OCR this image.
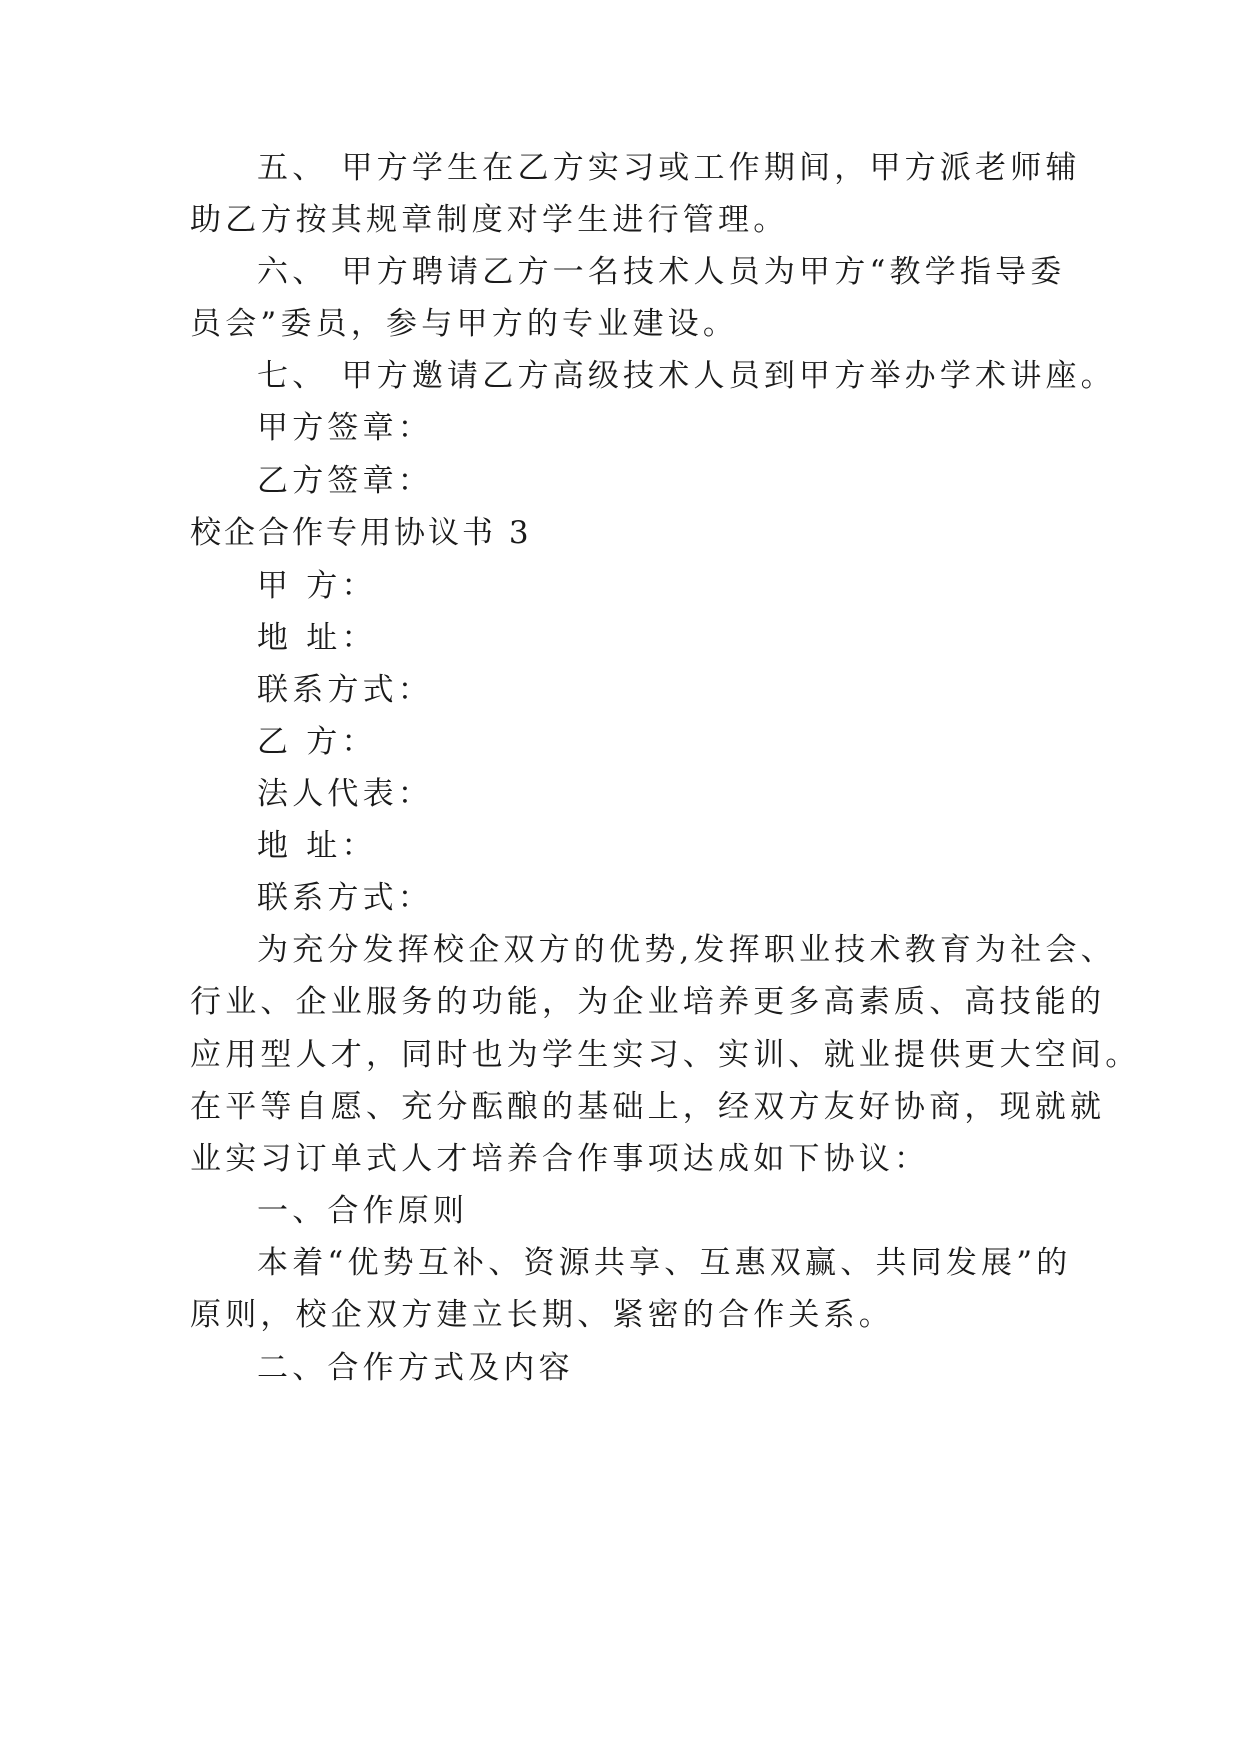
五、 甲方学生在乙方实习或工作期间，甲方派老师辅
助乙方按其规章制度对学生进行管理。
六、 甲方聘请乙方一名技术人员为甲方“教学指导委
员会”委员，参与甲方的专业建设。
七、 甲方邀请乙方高级技术人员到甲方举办学术讲座。
甲方签章：
乙方签章：
校企合作专用协议书 3
甲 方：
地 址：
联系方式：
乙 方：
法人代表：
地 址：
联系方式：
为充分发挥校企双方的优势,发挥职业技术教育为社会、
行业、企业服务的功能，为企业培养更多高素质、高技能的
应用型人才，同时也为学生实习、实训、就业提供更大空间。
在平等自愿、充分酝酿的基础上，经双方友好协商，现就就
业实习订单式人才培养合作事项达成如下协议：
一、合作原则
本着“优势互补、资源共享、互惠双赢、共同发展”的
原则，校企双方建立长期、紧密的合作关系。
二、合作方式及内容
